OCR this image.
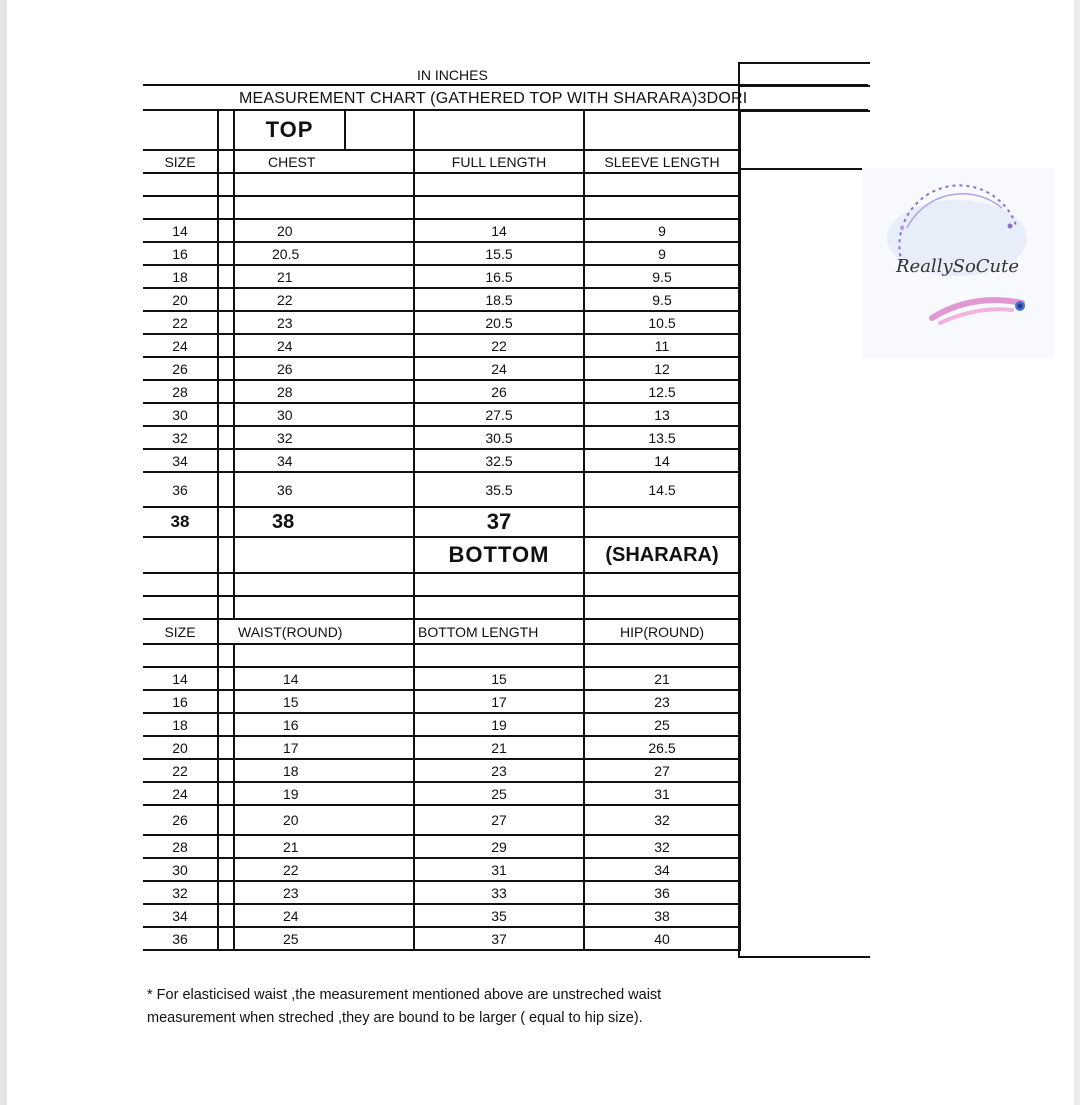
IN INCHES
MEASUREMENT CHART (GATHERED TOP WITH SHARARA)3DORI
		TOP			
SIZE		CHEST		FULL LENGTH	SLEEVE LENGTH

14		20		14	9
16		20.5		15.5	9
18		21		16.5	9.5
20		22		18.5	9.5
22		23		20.5	10.5
24		24		22	11
26		26		24	12
28		28		26	12.5
30		30		27.5	13
32		32		30.5	13.5
34		34		32.5	14
36		36		35.5	14.5
38		38		37	
				BOTTOM	(SHARARA)

SIZE	WAIST(ROUND)			BOTTOM LENGTH	HIP(ROUND)

14		14		15	21
16		15		17	23
18		16		19	25
20		17		21	26.5
22		18		23	27
24		19		25	31
26		20		27	32
28		21		29	32
30		22		31	34
32		23		33	36
34		24		35	38
36		25		37	40
ReallySoCute
* For elasticised waist ,the measurement mentioned above are unstreched waist
measurement when streched ,they are bound to be larger ( equal to hip size).
